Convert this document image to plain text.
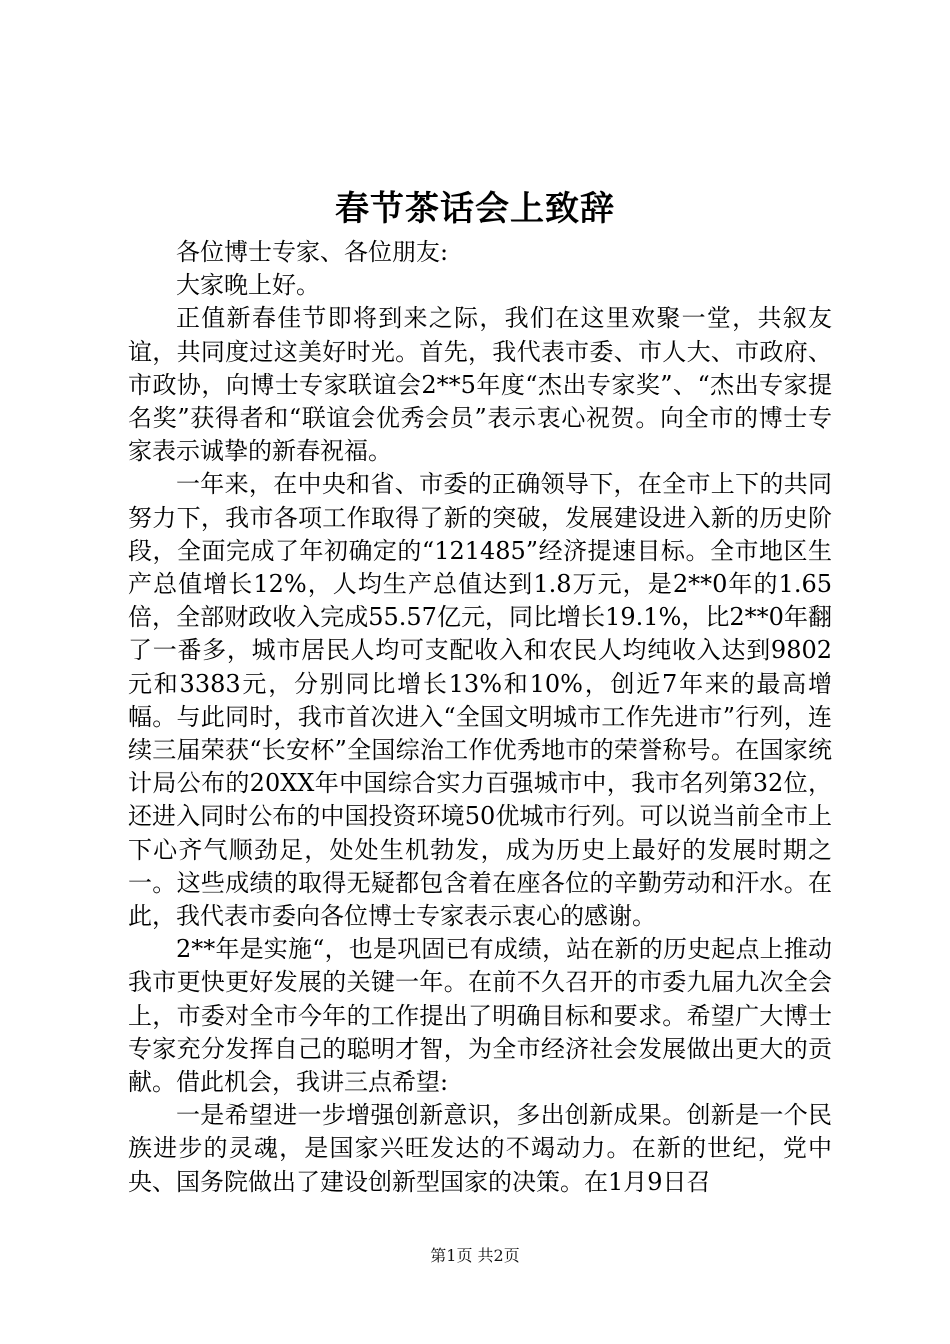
春节茶话会上致辞

各位博士专家、各位朋友:

大家晚上好。

正值新春佳节即将到来之际，我们在这里欢聚一堂，共叙友谊，共同度过这美好时光。首先，我代表市委、市人大、市政府、市政协，向博士专家联谊会2**5年度“杰出专家奖”、“杰出专家提名奖”获得者和“联谊会优秀会员”表示衷心祝贺。向全市的博士专家表示诚挚的新春祝福。

一年来，在中央和省、市委的正确领导下，在全市上下的共同努力下，我市各项工作取得了新的突破，发展建设进入新的历史阶段，全面完成了年初确定的“121485”经济提速目标。全市地区生产总值增长12%，人均生产总值达到1.8万元，是2**0年的1.65倍，全部财政收入完成55.57亿元，同比增长19.1%，比2**0年翻了一番多，城市居民人均可支配收入和农民人均纯收入达到9802元和3383元，分别同比增长13%和10%，创近7年来的最高增幅。与此同时，我市首次进入“全国文明城市工作先进市”行列，连续三届荣获“长安杯”全国综治工作优秀地市的荣誉称号。在国家统计局公布的20XX年中国综合实力百强城市中，我市名列第32位，还进入同时公布的中国投资环境50优城市行列。可以说当前全市上下心齐气顺劲足，处处生机勃发，成为历史上最好的发展时期之一。这些成绩的取得无疑都包含着在座各位的辛勤劳动和汗水。在此，我代表市委向各位博士专家表示衷心的感谢。

2**年是实施“，也是巩固已有成绩，站在新的历史起点上推动我市更快更好发展的关键一年。在前不久召开的市委九届九次全会上，市委对全市今年的工作提出了明确目标和要求。希望广大博士专家充分发挥自己的聪明才智，为全市经济社会发展做出更大的贡献。借此机会，我讲三点希望:

一是希望进一步增强创新意识，多出创新成果。创新是一个民族进步的灵魂，是国家兴旺发达的不竭动力。在新的世纪，党中央、国务院做出了建设创新型国家的决策。在1月9日召

第1页 共2页
